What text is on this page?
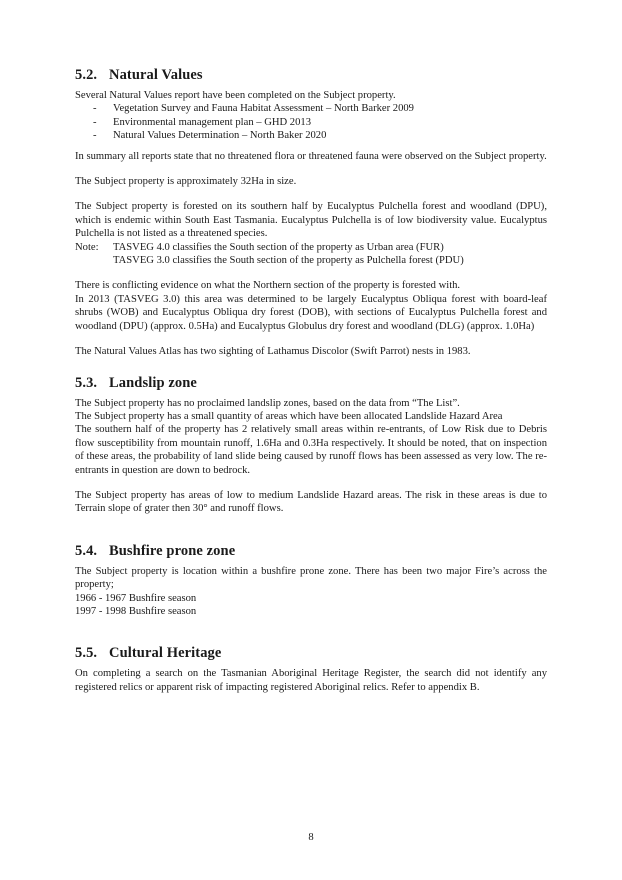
5.2. Natural Values

Several Natural Values report have been completed on the Subject property.

-	Vegetation Survey and Fauna Habitat Assessment – North Barker 2009
-	Environmental management plan – GHD 2013
-	Natural Values Determination – North Baker 2020

In summary all reports state that no threatened flora or threatened fauna were observed on the Subject property.

The Subject property is approximately 32Ha in size.

The Subject property is forested on its southern half by Eucalyptus Pulchella forest and woodland (DPU), which is endemic within South East Tasmania. Eucalyptus Pulchella is of low biodiversity value. Eucalyptus Pulchella is not listed as a threatened species.

Note:	TASVEG 4.0 classifies the South section of the property as Urban area (FUR)
TASVEG 3.0 classifies the South section of the property as Pulchella forest (PDU)

There is conflicting evidence on what the Northern section of the property is forested with.

In 2013 (TASVEG 3.0) this area was determined to be largely Eucalyptus Obliqua forest with board-leaf shrubs (WOB) and Eucalyptus Obliqua dry forest (DOB), with sections of Eucalyptus Pulchella forest and woodland (DPU) (approx. 0.5Ha) and Eucalyptus Globulus dry forest and woodland (DLG) (approx. 1.0Ha)

The Natural Values Atlas has two sighting of Lathamus Discolor (Swift Parrot) nests in 1983.

5.3. Landslip zone

The Subject property has no proclaimed landslip zones, based on the data from “The List”.

The Subject property has a small quantity of areas which have been allocated Landslide Hazard Area

The southern half of the property has 2 relatively small areas within re-entrants, of Low Risk due to Debris flow susceptibility from mountain runoff, 1.6Ha and 0.3Ha respectively. It should be noted, that on inspection of these areas, the probability of land slide being caused by runoff flows has been assessed as very low. The re-entrants in question are down to bedrock.

The Subject property has areas of low to medium Landslide Hazard areas. The risk in these areas is due to Terrain slope of grater then 30° and runoff flows.

5.4. Bushfire prone zone

The Subject property is location within a bushfire prone zone. There has been two major Fire’s across the property;

1966 - 1967 Bushfire season

1997 - 1998 Bushfire season

5.5. Cultural Heritage

On completing a search on the Tasmanian Aboriginal Heritage Register, the search did not identify any registered relics or apparent risk of impacting registered Aboriginal relics. Refer to appendix B.

8
